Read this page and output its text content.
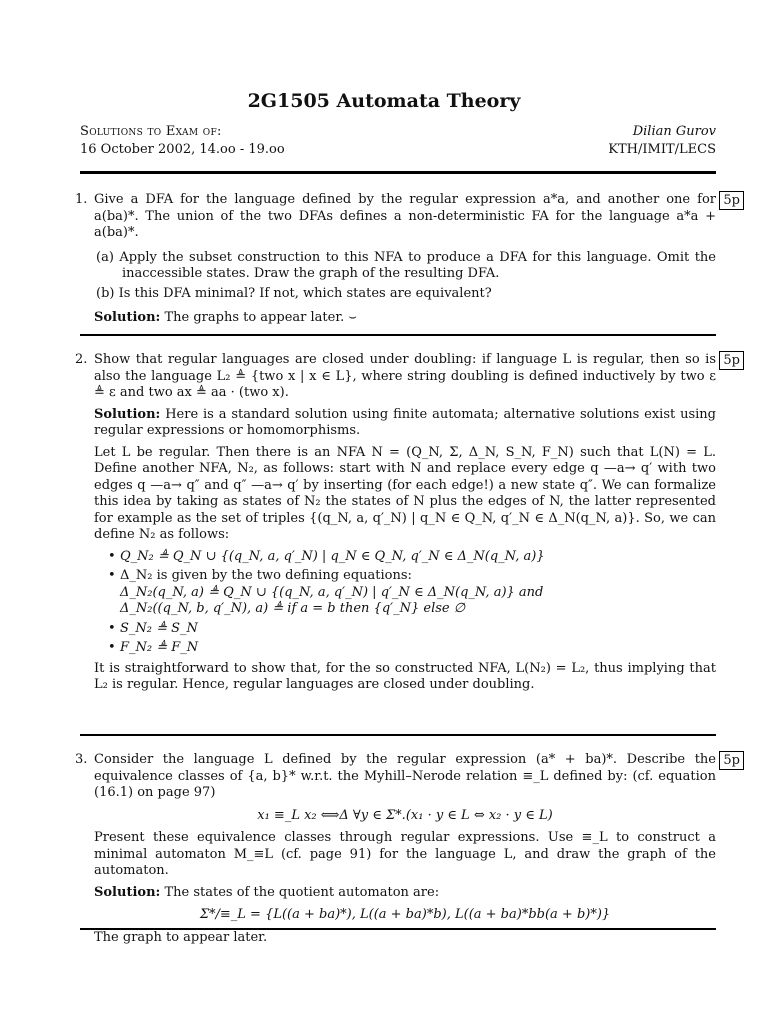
2G1505 Automata Theory
Solutions to Exam of:
16 October 2002, 14.oo - 19.oo
Dilian Gurov
KTH/IMIT/LECS
1.	5p

Give a DFA for the language defined by the regular expression a*a, and another one for a(ba)*. The union of the two DFAs defines a non-deterministic FA for the language a*a + a(ba)*.

(a) Apply the subset construction to this NFA to produce a DFA for this language. Omit the inaccessible states. Draw the graph of the resulting DFA.

(b) Is this DFA minimal? If not, which states are equivalent?

Solution: The graphs to appear later. ⌣

2.	5p

Show that regular languages are closed under doubling: if language L is regular, then so is also the language L₂ ≜ {two x | x ∈ L}, where string doubling is defined inductively by two ε ≜ ε and two ax ≜ aa · (two x).

Solution: Here is a standard solution using finite automata; alternative solutions exist using regular expressions or homomorphisms.

Let L be regular. Then there is an NFA N = (Q_N, Σ, Δ_N, S_N, F_N) such that L(N) = L. Define another NFA, N₂, as follows: start with N and replace every edge q —a→ q′ with two edges q —a→ q″ and q″ —a→ q′ by inserting (for each edge!) a new state q″. We can formalize this idea by taking as states of N₂ the states of N plus the edges of N, the latter represented for example as the set of triples {(q_N, a, q′_N) | q_N ∈ Q_N, q′_N ∈ Δ_N(q_N, a)}. So, we can define N₂ as follows:

• Q_N₂ ≜ Q_N ∪ {(q_N, a, q′_N) | q_N ∈ Q_N, q′_N ∈ Δ_N(q_N, a)}
• Δ_N₂ is given by the two defining equations:
Δ_N₂(q_N, a) ≜ Q_N ∪ {(q_N, a, q′_N) | q′_N ∈ Δ_N(q_N, a)} and
Δ_N₂((q_N, b, q′_N), a) ≜ if a = b then {q′_N} else ∅
• S_N₂ ≜ S_N
• F_N₂ ≜ F_N

It is straightforward to show that, for the so constructed NFA, L(N₂) = L₂, thus implying that L₂ is regular. Hence, regular languages are closed under doubling.

3.	5p

Consider the language L defined by the regular expression (a* + ba)*. Describe the equivalence classes of {a, b}* w.r.t. the Myhill–Nerode relation ≡_L defined by: (cf. equation (16.1) on page 97)

x₁ ≡_L x₂ ⟺Δ ∀y ∈ Σ*.(x₁ · y ∈ L ⇔ x₂ · y ∈ L)

Present these equivalence classes through regular expressions. Use ≡_L to construct a minimal automaton M_≡L (cf. page 91) for the language L, and draw the graph of the automaton.

Solution: The states of the quotient automaton are:

Σ*/≡_L = {L((a + ba)*), L((a + ba)*b), L((a + ba)*bb(a + b)*)}

The graph to appear later.
